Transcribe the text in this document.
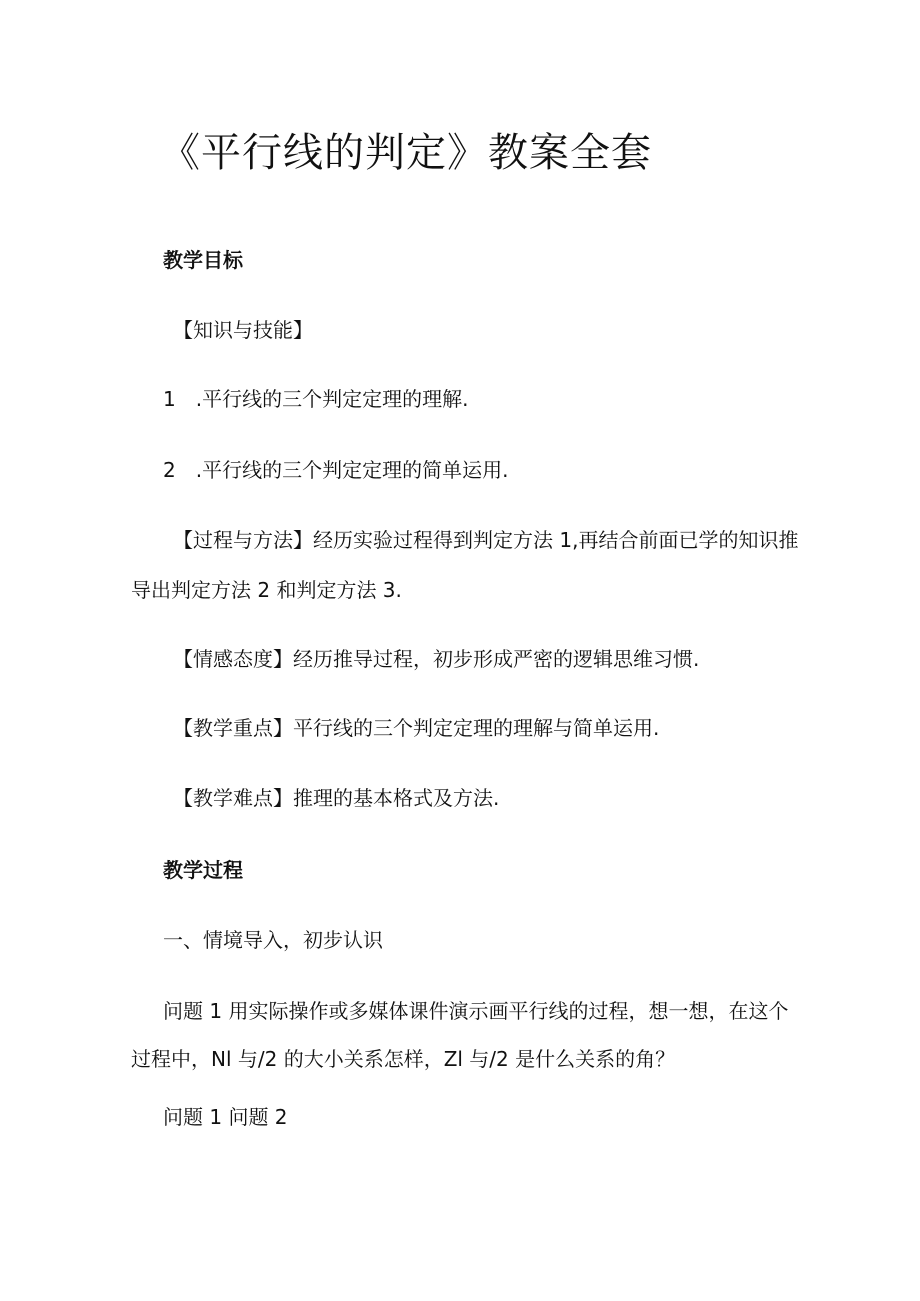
《平行线的判定》教案全套
教学目标
【知识与技能】
1　.平行线的三个判定定理的理解.
2　.平行线的三个判定定理的简单运用.
【过程与方法】经历实验过程得到判定方法 1,再结合前面已学的知识推
导出判定方法 2 和判定方法 3.
【情感态度】经历推导过程，初步形成严密的逻辑思维习惯.
【教学重点】平行线的三个判定定理的理解与简单运用.
【教学难点】推理的基本格式及方法.
教学过程
一、情境导入，初步认识
问题 1 用实际操作或多媒体课件演示画平行线的过程，想一想，在这个
过程中，Nl 与/2 的大小关系怎样，Zl 与/2 是什么关系的角？
问题 1 问题 2
